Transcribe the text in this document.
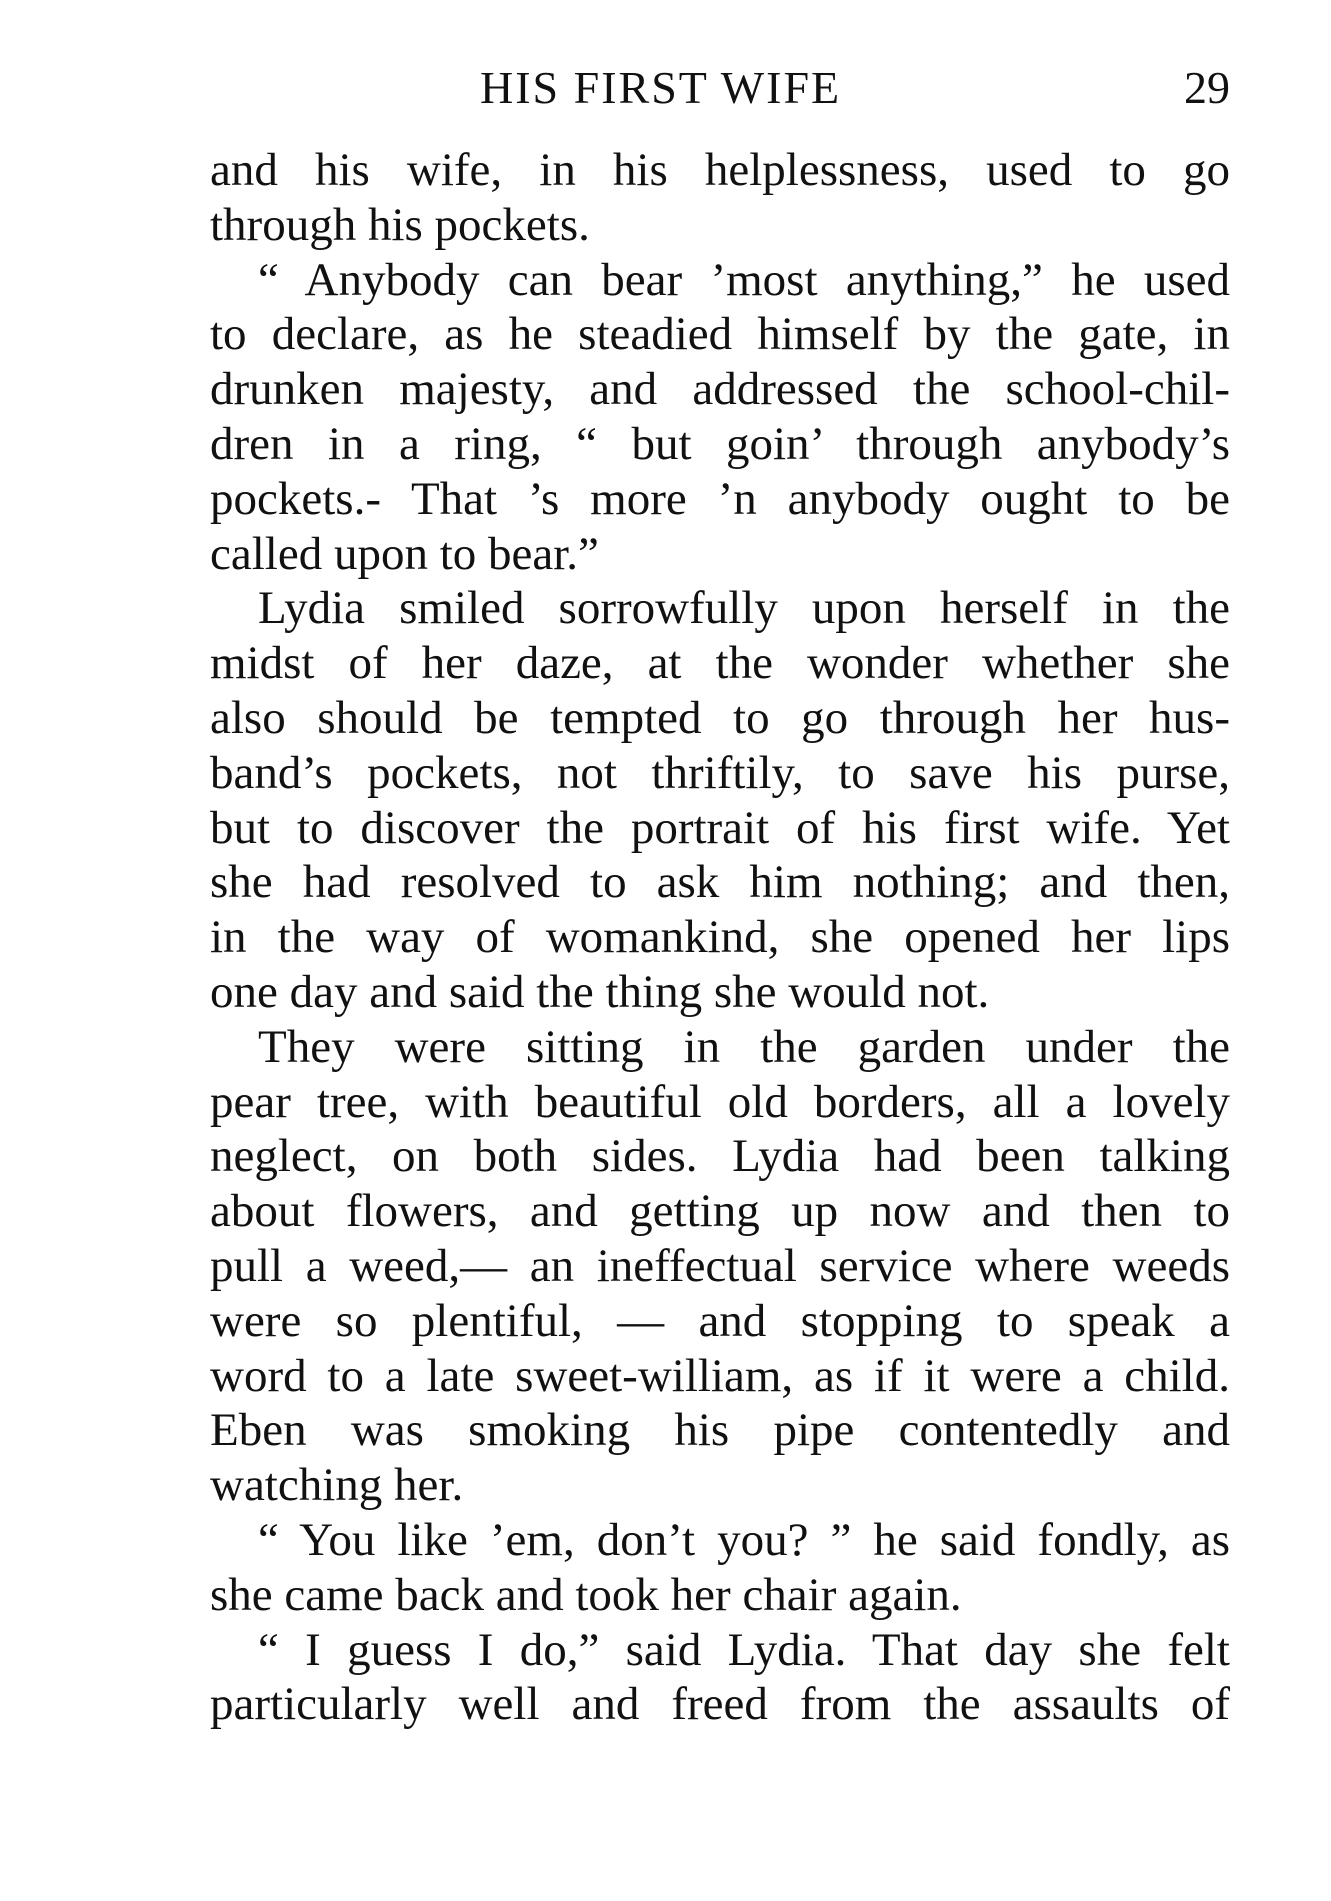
HIS FIRST WIFE	29
and his wife, in his helplessness, used to go
through his pockets.
“ Anybody can bear ’most anything,” he used
to declare, as he steadied himself by the gate, in
drunken majesty, and addressed the school-chil-
dren in a ring, “ but goin’ through anybody’s
pockets.- That ’s more ’n anybody ought to be
called upon to bear.”
Lydia smiled sorrowfully upon herself in the
midst of her daze, at the wonder whether she
also should be tempted to go through her hus-
band’s pockets, not thriftily, to save his purse,
but to discover the portrait of his first wife. Yet
she had resolved to ask him nothing; and then,
in the way of womankind, she opened her lips
one day and said the thing she would not.
They were sitting in the garden under the
pear tree, with beautiful old borders, all a lovely
neglect, on both sides. Lydia had been talking
about flowers, and getting up now and then to
pull a weed,— an ineffectual service where weeds
were so plentiful, — and stopping to speak a
word to a late sweet-william, as if it were a child.
Eben was smoking his pipe contentedly and
watching her.
“ You like ’em, don’t you? ” he said fondly, as
she came back and took her chair again.
“ I guess I do,” said Lydia. That day she felt
particularly well and freed from the assaults of
